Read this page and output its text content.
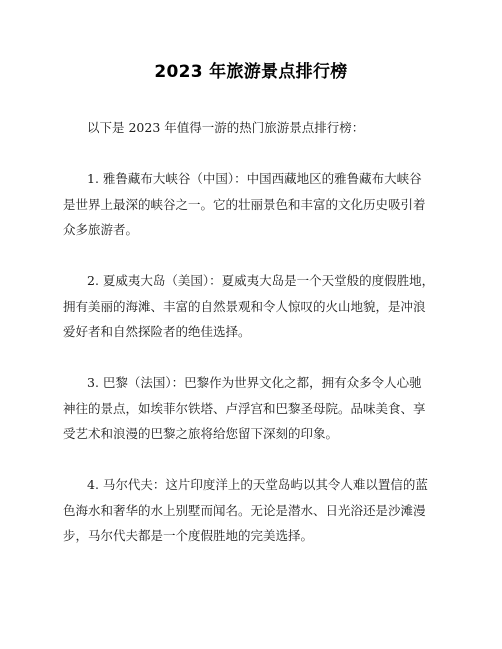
2023 年旅游景点排行榜
以下是 2023 年值得一游的热门旅游景点排行榜：
1. 雅鲁藏布大峡谷（中国）：中国西藏地区的雅鲁藏布大峡谷
是世界上最深的峡谷之一。它的壮丽景色和丰富的文化历史吸引着
众多旅游者。
2. 夏威夷大岛（美国）：夏威夷大岛是一个天堂般的度假胜地，
拥有美丽的海滩、丰富的自然景观和令人惊叹的火山地貌，是冲浪
爱好者和自然探险者的绝佳选择。
3. 巴黎（法国）：巴黎作为世界文化之都，拥有众多令人心驰
神往的景点，如埃菲尔铁塔、卢浮宫和巴黎圣母院。品味美食、享
受艺术和浪漫的巴黎之旅将给您留下深刻的印象。
4. 马尔代夫：这片印度洋上的天堂岛屿以其令人难以置信的蓝
色海水和奢华的水上别墅而闻名。无论是潜水、日光浴还是沙滩漫
步，马尔代夫都是一个度假胜地的完美选择。
